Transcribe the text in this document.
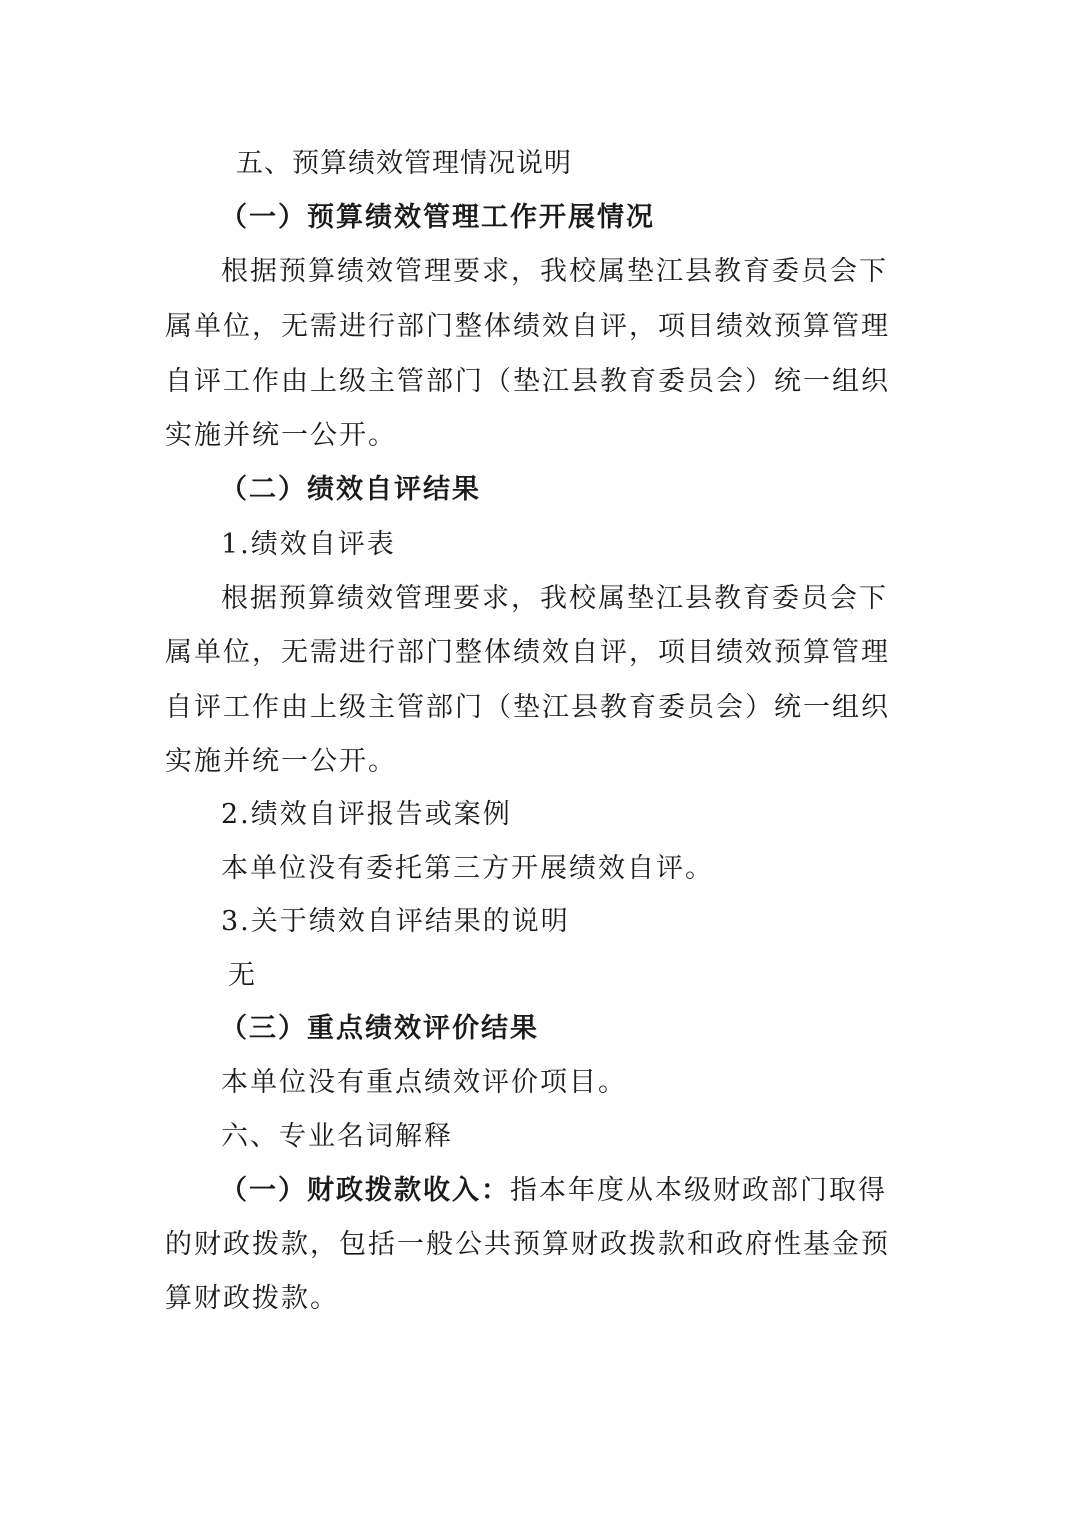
五、预算绩效管理情况说明
（一）预算绩效管理工作开展情况
根据预算绩效管理要求，我校属垫江县教育委员会下
属单位，无需进行部门整体绩效自评，项目绩效预算管理
自评工作由上级主管部门（垫江县教育委员会）统一组织
实施并统一公开。
（二）绩效自评结果
1.绩效自评表
根据预算绩效管理要求，我校属垫江县教育委员会下
属单位，无需进行部门整体绩效自评，项目绩效预算管理
自评工作由上级主管部门（垫江县教育委员会）统一组织
实施并统一公开。
2.绩效自评报告或案例
本单位没有委托第三方开展绩效自评。
3.关于绩效自评结果的说明
无
（三）重点绩效评价结果
本单位没有重点绩效评价项目。
六、专业名词解释
（一）财政拨款收入：指本年度从本级财政部门取得
的财政拨款，包括一般公共预算财政拨款和政府性基金预
算财政拨款。
